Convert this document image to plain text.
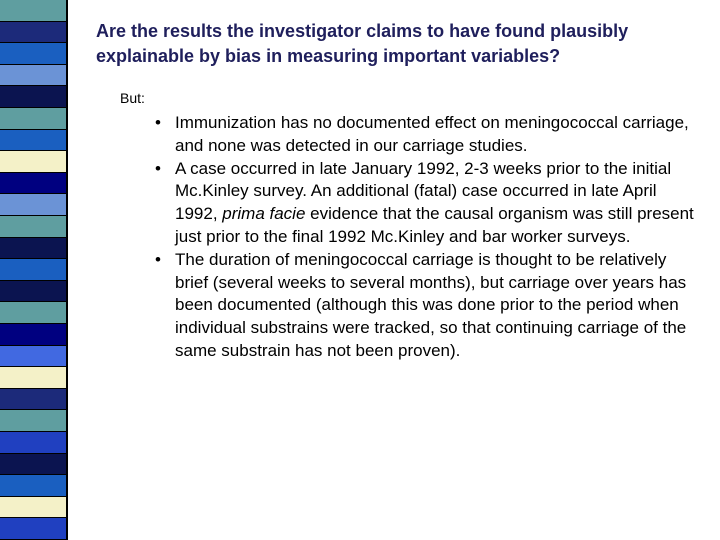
Are the results the investigator claims to have found plausibly explainable by bias in measuring important variables?
But:
• Immunization has no documented effect on meningococcal carriage, and none was detected in our carriage studies.
• A case occurred in late January 1992, 2-3 weeks prior to the initial Mc.Kinley survey. An additional (fatal) case occurred in late April 1992, prima facie evidence that the causal organism was still present just prior to the final 1992 Mc.Kinley and bar worker surveys.
• The duration of meningococcal carriage is thought to be relatively brief (several weeks to several months), but carriage over years has been documented (although this was done prior to the period when individual substrains were tracked, so that continuing carriage of the same substrain has not been proven).
